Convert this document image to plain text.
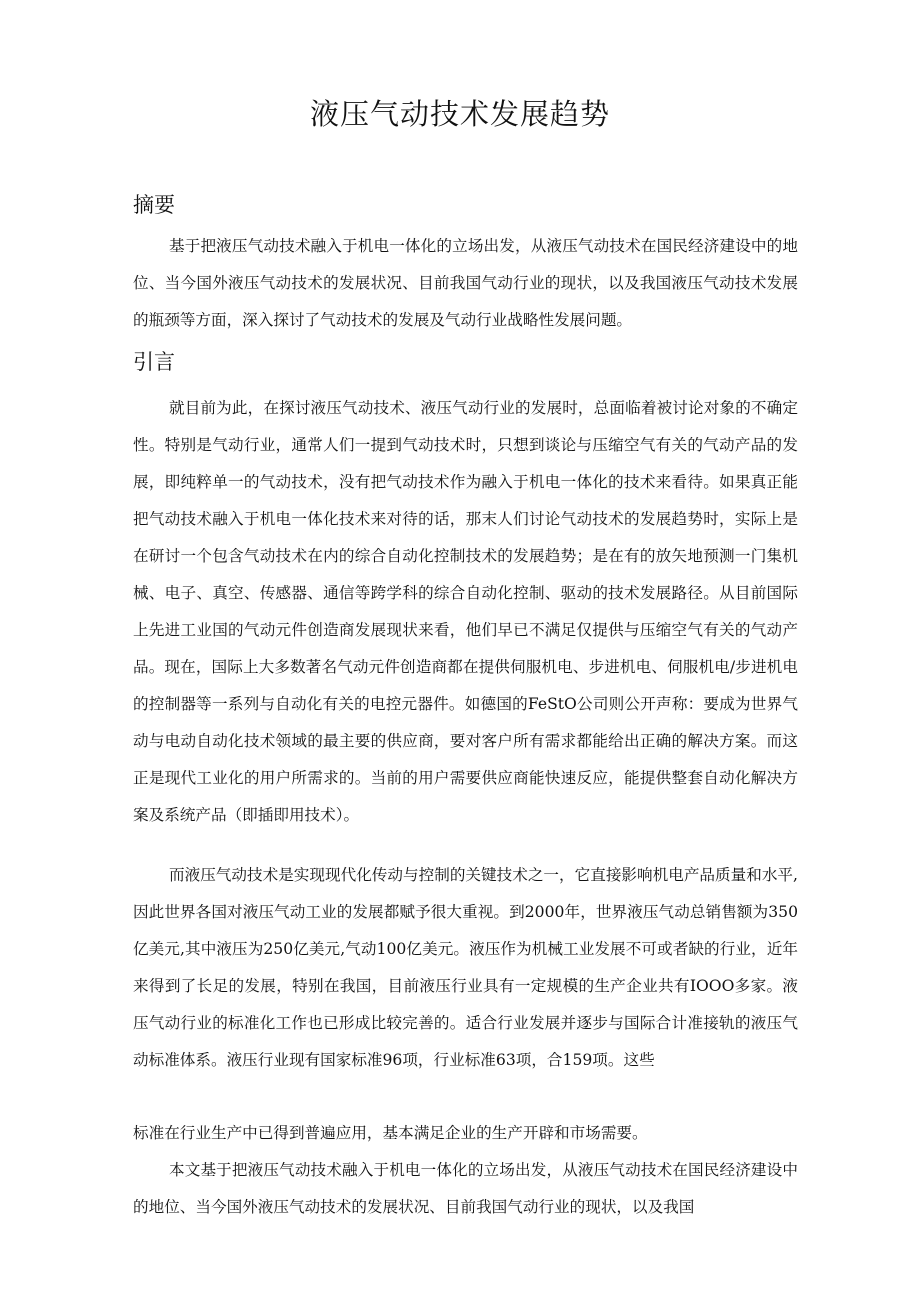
液压气动技术发展趋势
摘要

基于把液压气动技术融入于机电一体化的立场出发，从液压气动技术在国民经济建设中的地位、当今国外液压气动技术的发展状况、目前我国气动行业的现状，以及我国液压气动技术发展的瓶颈等方面，深入探讨了气动技术的发展及气动行业战略性发展问题。

引言

就目前为此，在探讨液压气动技术、液压气动行业的发展时，总面临着被讨论对象的不确定性。特别是气动行业，通常人们一提到气动技术时，只想到谈论与压缩空气有关的气动产品的发展，即纯粹单一的气动技术，没有把气动技术作为融入于机电一体化的技术来看待。如果真正能把气动技术融入于机电一体化技术来对待的话，那末人们讨论气动技术的发展趋势时，实际上是在研讨一个包含气动技术在内的综合自动化控制技术的发展趋势；是在有的放矢地预测一门集机械、电子、真空、传感器、通信等跨学科的综合自动化控制、驱动的技术发展路径。从目前国际上先进工业国的气动元件创造商发展现状来看，他们早已不满足仅提供与压缩空气有关的气动产品。现在，国际上大多数著名气动元件创造商都在提供伺服机电、步进机电、伺服机电/步进机电的控制器等一系列与自动化有关的电控元器件。如德国的FeStO公司则公开声称：要成为世界气动与电动自动化技术领域的最主要的供应商，要对客户所有需求都能给出正确的解决方案。而这正是现代工业化的用户所需求的。当前的用户需要供应商能快速反应，能提供整套自动化解决方案及系统产品（即插即用技术）。

而液压气动技术是实现现代化传动与控制的关键技术之一，它直接影响机电产品质量和水平,因此世界各国对液压气动工业的发展都赋予很大重视。到2000年，世界液压气动总销售额为350亿美元,其中液压为250亿美元,气动100亿美元。液压作为机械工业发展不可或者缺的行业，近年来得到了长足的发展，特别在我国，目前液压行业具有一定规模的生产企业共有IOOO多家。液压气动行业的标准化工作也已形成比较完善的。适合行业发展并逐步与国际合计准接轨的液压气动标准体系。液压行业现有国家标准96项，行业标准63项，合159项。这些

标准在行业生产中已得到普遍应用，基本满足企业的生产开辟和市场需要。

本文基于把液压气动技术融入于机电一体化的立场出发，从液压气动技术在国民经济建设中的地位、当今国外液压气动技术的发展状况、目前我国气动行业的现状，以及我国
